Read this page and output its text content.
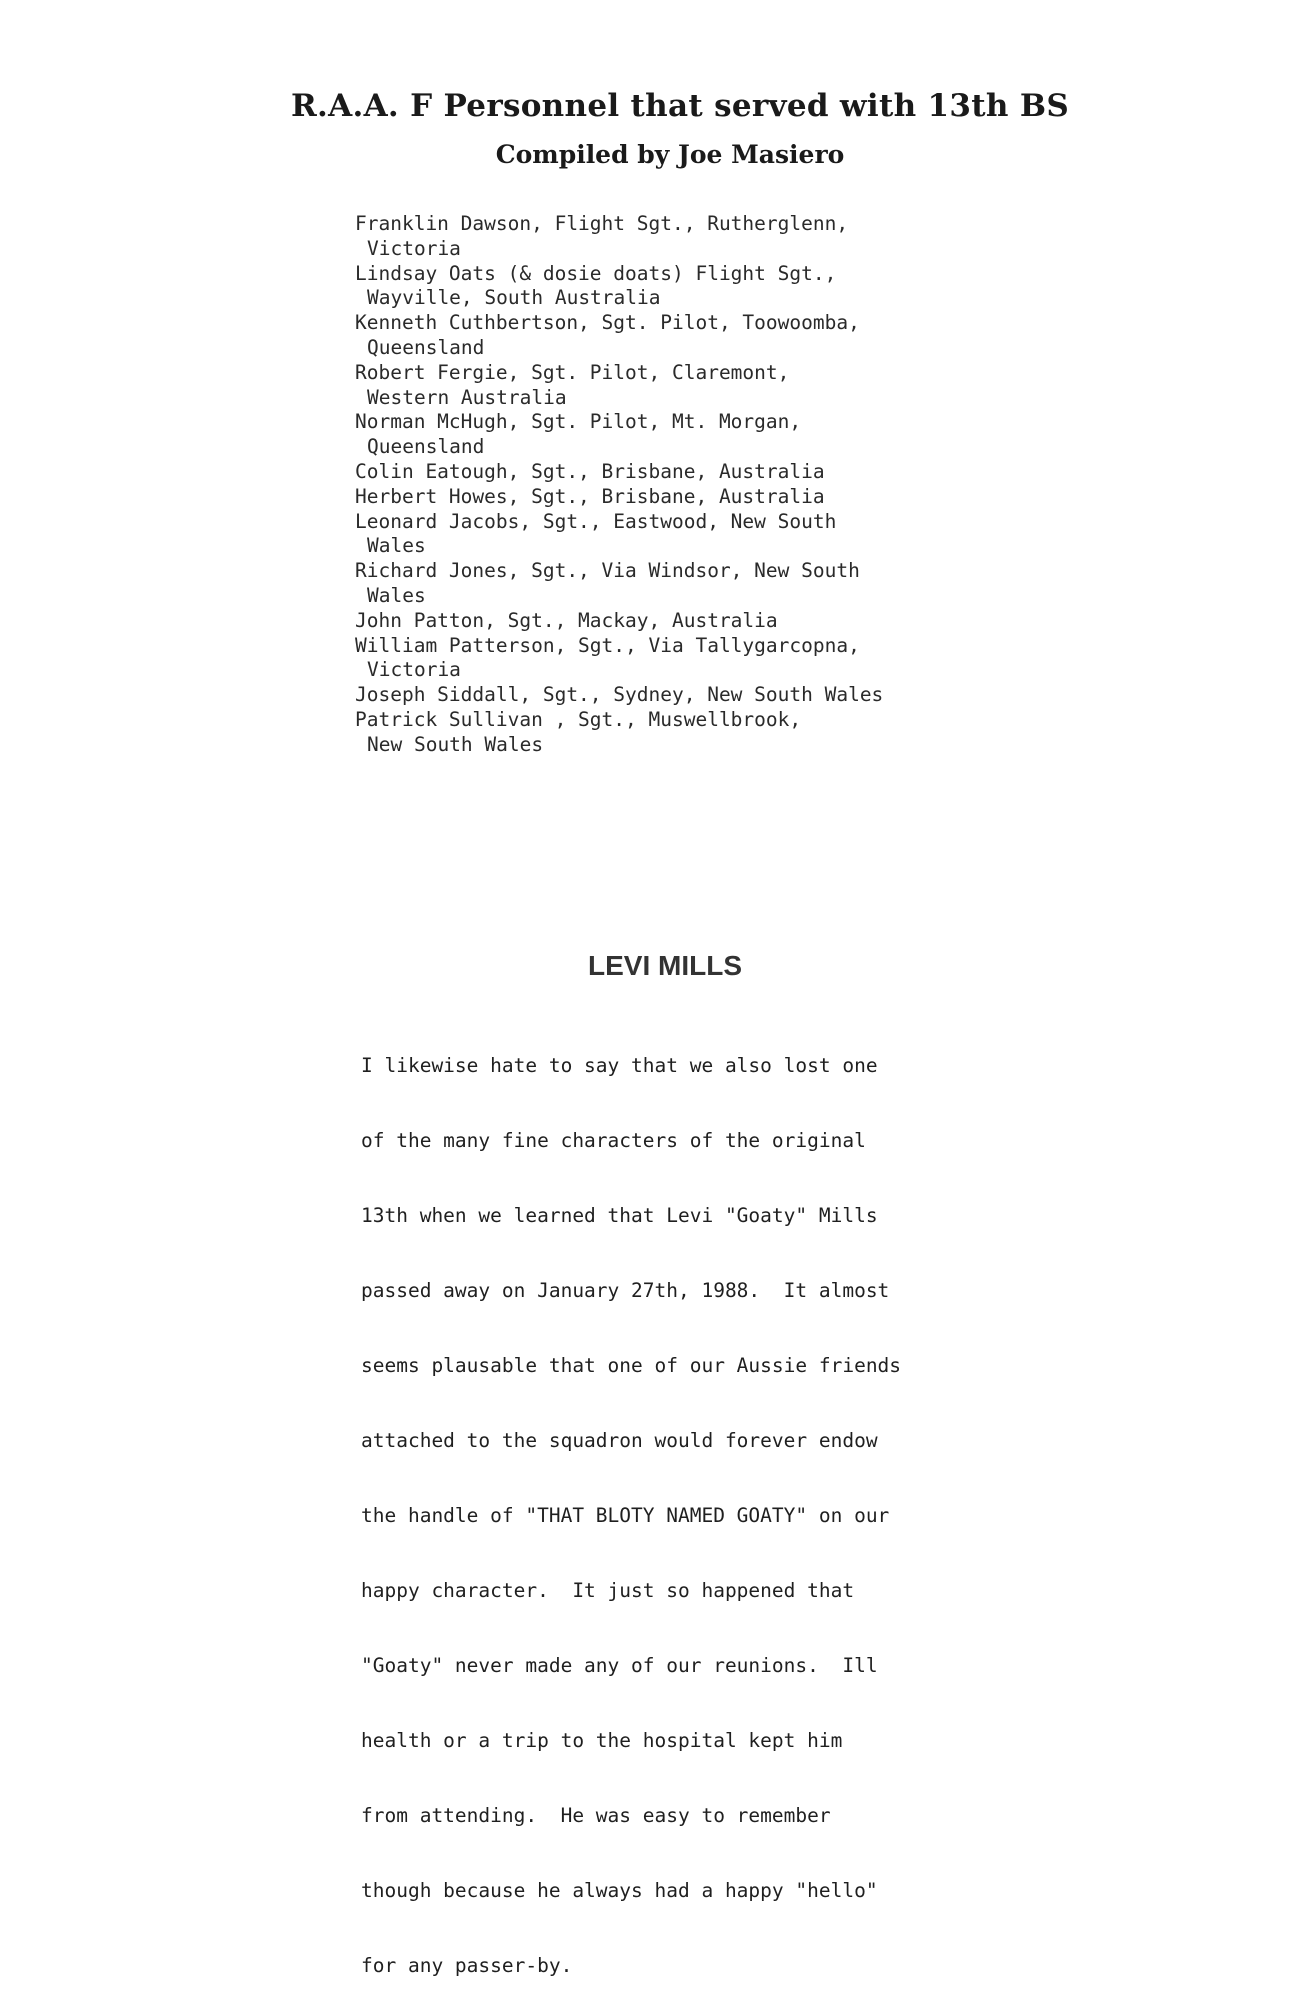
R.A.A. F Personnel that served with 13th BS
Compiled by Joe Masiero
Franklin Dawson, Flight Sgt., Rutherglenn,
Victoria
Lindsay Oats (& dosie doats) Flight Sgt.,
Wayville, South Australia
Kenneth Cuthbertson, Sgt. Pilot, Toowoomba,
Queensland
Robert Fergie, Sgt. Pilot, Claremont,
Western Australia
Norman McHugh, Sgt. Pilot, Mt. Morgan,
Queensland
Colin Eatough, Sgt., Brisbane, Australia
Herbert Howes, Sgt., Brisbane, Australia
Leonard Jacobs, Sgt., Eastwood, New South
Wales
Richard Jones, Sgt., Via Windsor, New South
Wales
John Patton, Sgt., Mackay, Australia
William Patterson, Sgt., Via Tallygarcopna,
Victoria
Joseph Siddall, Sgt., Sydney, New South Wales
Patrick Sullivan , Sgt., Muswellbrook,
New South Wales
LEVI MILLS

I likewise hate to say that we also lost one

of the many fine characters of the original

13th when we learned that Levi "Goaty" Mills

passed away on January 27th, 1988.  It almost

seems plausable that one of our Aussie friends

attached to the squadron would forever endow

the handle of "THAT BLOTY NAMED GOATY" on our

happy character.  It just so happened that

"Goaty" never made any of our reunions.  Ill

health or a trip to the hospital kept him

from attending.  He was easy to remember

though because he always had a happy "hello"

for any passer-by.
